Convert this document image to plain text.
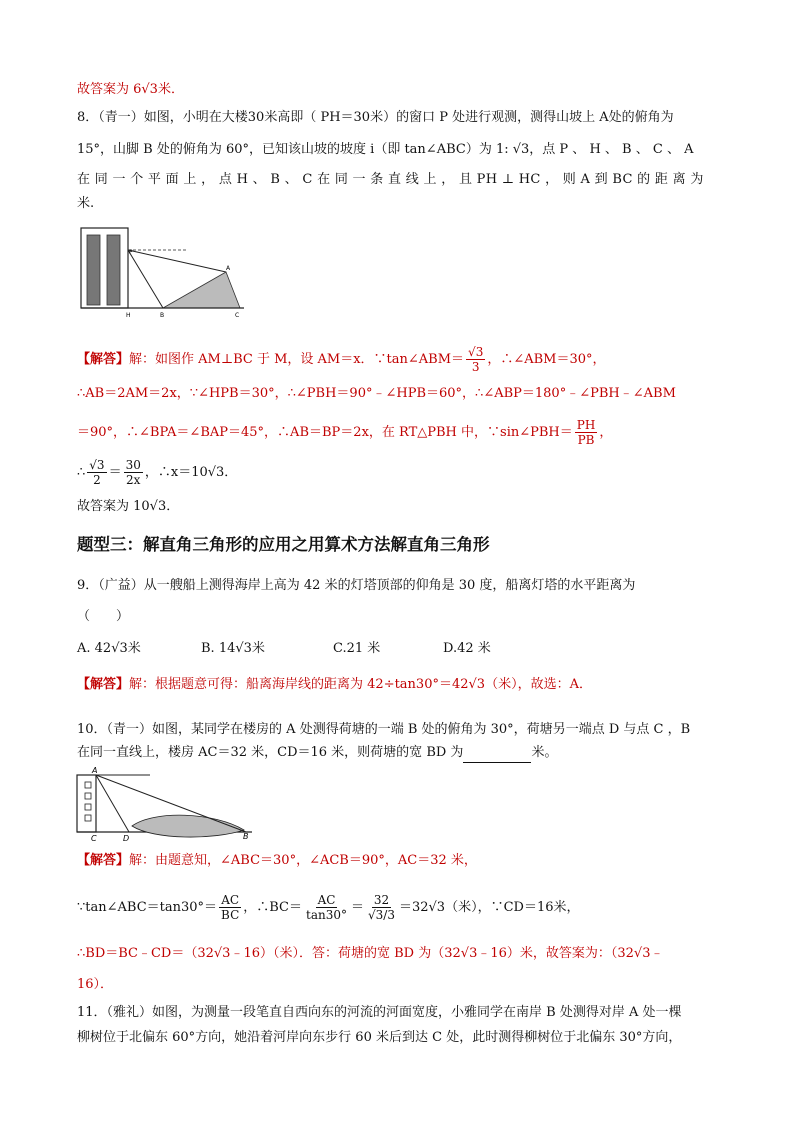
故答案为 6√3米．
8．（青一）如图，小明在大楼30米高即（ PH＝30米）的窗口 P 处进行观测，测得山坡上 A处的俯角为
15°，山脚 B 处的俯角为 60°，已知该山坡的坡度 i（即 tan∠ABC）为 1: √3，点 P 、 H 、 B 、 C 、 A
在 同 一 个 平 面 上 ， 点 H 、 B 、 C 在 同 一 条 直 线 上 ， 且 PH ⊥ HC ， 则 A 到 BC 的 距 离 为
米.
P
A
H	B	C
【解答】解：如图作 AM⊥BC 于 M，设 AM＝x．∵tan∠ABM＝ $\frac{√3}{3}$ ，∴∠ABM＝30°，
∴AB＝2AM＝2x，∵∠HPB＝30°，∴∠PBH＝90°﹣∠HPB＝60°，∴∠ABP＝180°﹣∠PBH﹣∠ABM
＝90°，∴∠BPA＝∠BAP＝45°，∴AB＝BP＝2x，在 RT△PBH 中，∵sin∠PBH＝ $\frac{PH}{PB}$ ，
∴ $\frac{√3}{2} = \frac{30}{2x}$ ，∴x＝10√3．
故答案为 10√3．
题型三：解直角三角形的应用之用算术方法解直角三角形
9．（广益）从一艘船上测得海岸上高为 42 米的灯塔顶部的仰角是 30 度，船离灯塔的水平距离为
（　　）
A. 42√3米	B. 14√3米	C.21 米	D.42 米
【解答】解：根据题意可得：船离海岸线的距离为 42÷tan30°＝42√3（米），故选：A．
10．（青一）如图，某同学在楼房的 A 处测得荷塘的一端 B 处的俯角为 30°，荷塘另一端点 D 与点 C ，B
在同一直线上，楼房 AC＝32 米，CD＝16 米，则荷塘的宽 BD 为	米。
A
C	D	B
【解答】解：由题意知，∠ABC＝30°，∠ACB＝90°，AC＝32 米，
∵tan∠ABC＝tan30°＝ $\frac{AC}{BC}$ ，∴BC＝ $\frac{AC}{\tan 30^\circ} = \frac{32}{√3/3} =32√3$（米），∵CD＝16米，
∴BD＝BC﹣CD＝（32√3﹣16）（米）．答：荷塘的宽 BD 为（32√3﹣16）米，故答案为：（32√3﹣
16）．
11．（雅礼）如图，为测量一段笔直自西向东的河流的河面宽度，小雅同学在南岸 B 处测得对岸 A 处一棵
柳树位于北偏东 60°方向，她沿着河岸向东步行 60 米后到达 C 处，此时测得柳树位于北偏东 30°方向，
